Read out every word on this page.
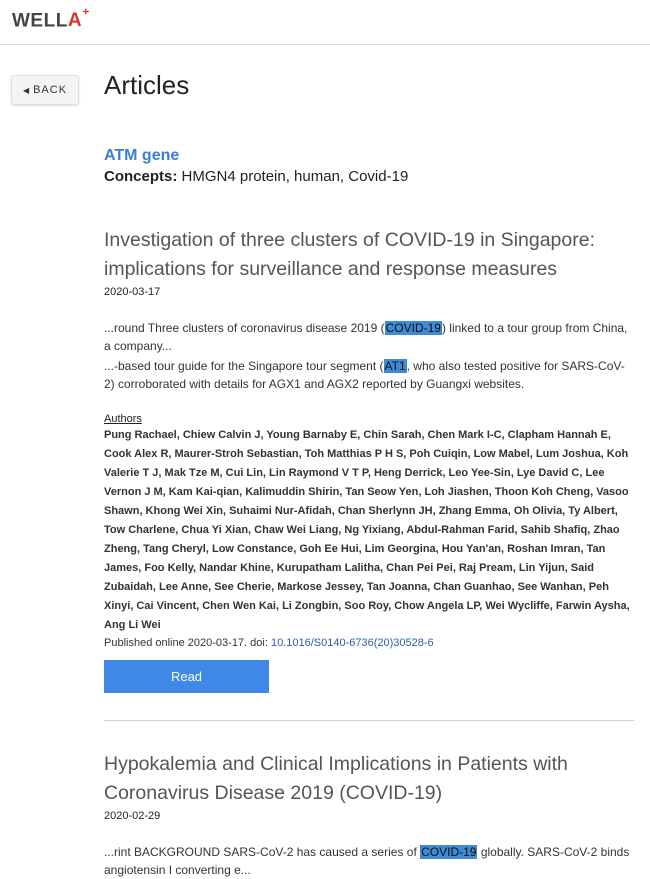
WELLA⁺
◀ BACK Articles
ATM gene
Concepts: HMGN4 protein, human, Covid-19
Investigation of three clusters of COVID-19 in Singapore: implications for surveillance and response measures
2020-03-17
...round Three clusters of coronavirus disease 2019 (COVID-19) linked to a tour group from China, a company...
...-based tour guide for the Singapore tour segment (AT1, who also tested positive for SARS-CoV-2) corroborated with details for AGX1 and AGX2 reported by Guangxi websites.
Authors
Pung Rachael, Chiew Calvin J, Young Barnaby E, Chin Sarah, Chen Mark I-C, Clapham Hannah E, Cook Alex R, Maurer-Stroh Sebastian, Toh Matthias P H S, Poh Cuiqin, Low Mabel, Lum Joshua, Koh Valerie T J, Mak Tze M, Cui Lin, Lin Raymond V T P, Heng Derrick, Leo Yee-Sin, Lye David C, Lee Vernon J M, Kam Kai-qian, Kalimuddin Shirin, Tan Seow Yen, Loh Jiashen, Thoon Koh Cheng, Vasoo Shawn, Khong Wei Xin, Suhaimi Nur-Afidah, Chan Sherlynn JH, Zhang Emma, Oh Olivia, Ty Albert, Tow Charlene, Chua Yi Xian, Chaw Wei Liang, Ng Yixiang, Abdul-Rahman Farid, Sahib Shafiq, Zhao Zheng, Tang Cheryl, Low Constance, Goh Ee Hui, Lim Georgina, Hou Yan'an, Roshan Imran, Tan James, Foo Kelly, Nandar Khine, Kurupatham Lalitha, Chan Pei Pei, Raj Pream, Lin Yijun, Said Zubaidah, Lee Anne, See Cherie, Markose Jessey, Tan Joanna, Chan Guanhao, See Wanhan, Peh Xinyi, Cai Vincent, Chen Wen Kai, Li Zongbin, Soo Roy, Chow Angela LP, Wei Wycliffe, Farwin Aysha, Ang Li Wei
Published online 2020-03-17. doi: 10.1016/S0140-6736(20)30528-6
Read
Hypokalemia and Clinical Implications in Patients with Coronavirus Disease 2019 (COVID-19)
2020-02-29
...rint BACKGROUND SARS-CoV-2 has caused a series of COVID-19 globally. SARS-CoV-2 binds angiotensin I converting e...
